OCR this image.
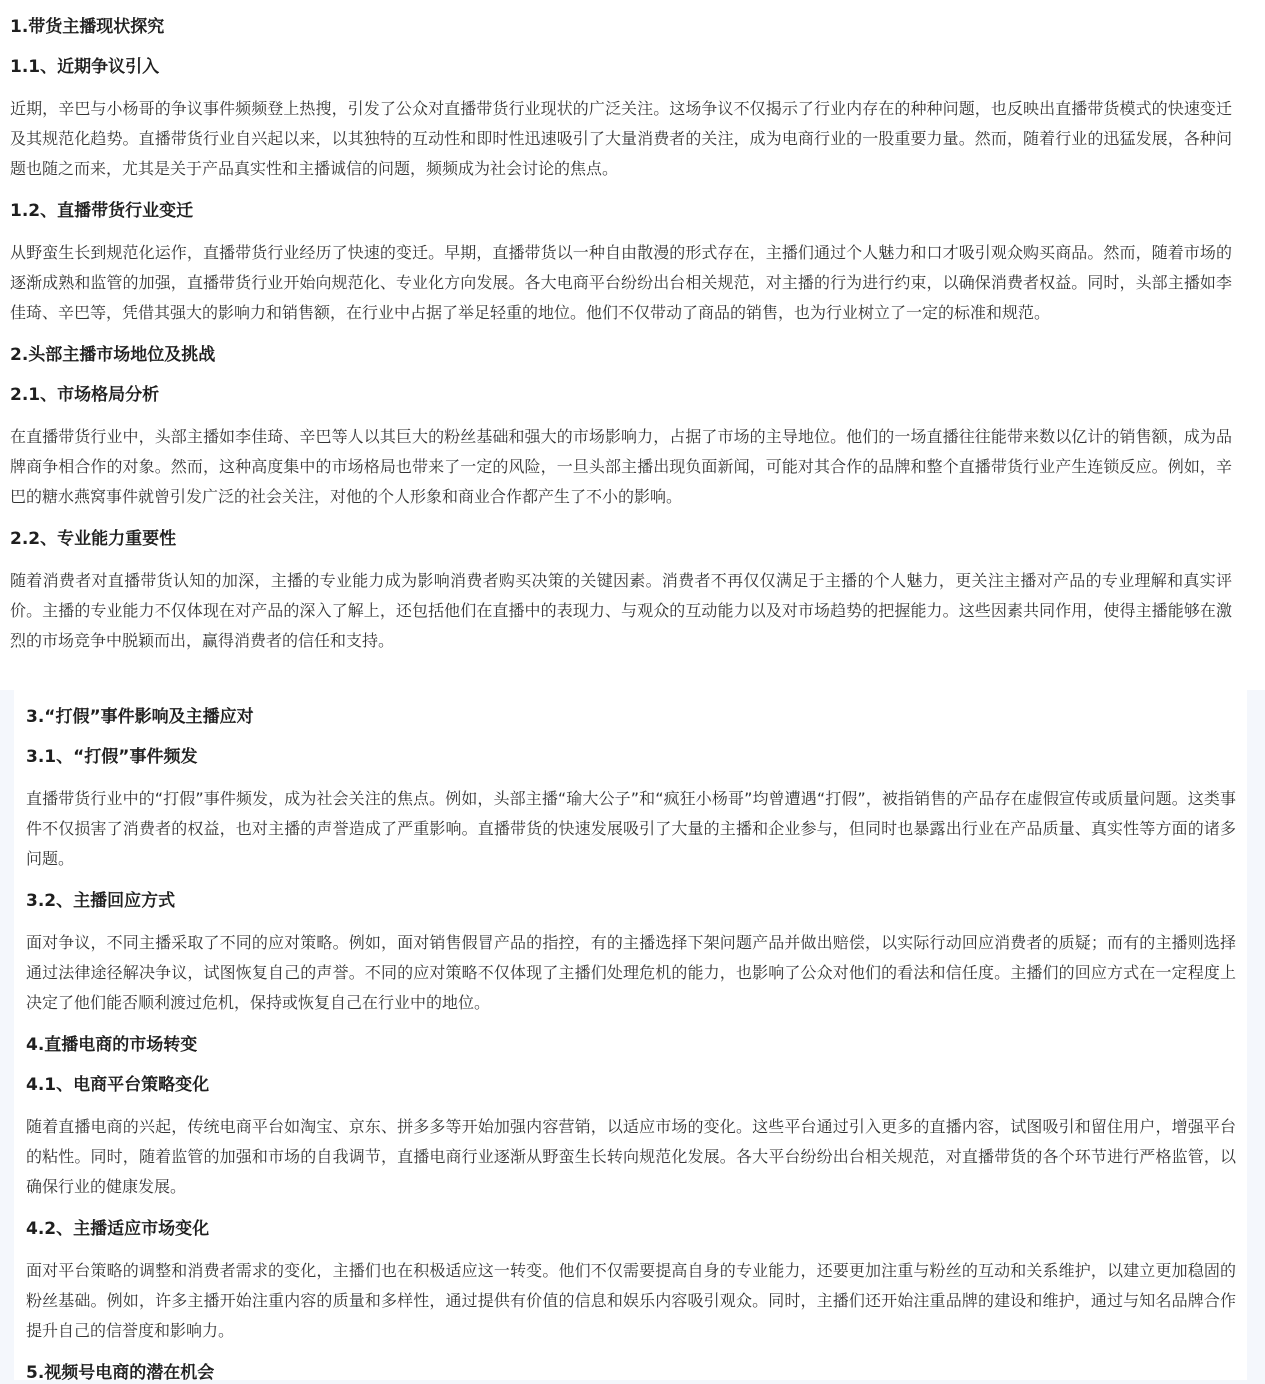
1.带货主播现状探究
1.1、近期争议引入

近期，辛巴与小杨哥的争议事件频频登上热搜，引发了公众对直播带货行业现状的广泛关注。这场争议不仅揭示了行业内存在的种种问题，也反映出直播带货模式的快速变迁及其规范化趋势。直播带货行业自兴起以来，以其独特的互动性和即时性迅速吸引了大量消费者的关注，成为电商行业的一股重要力量。然而，随着行业的迅猛发展，各种问题也随之而来，尤其是关于产品真实性和主播诚信的问题，频频成为社会讨论的焦点。

1.2、直播带货行业变迁

从野蛮生长到规范化运作，直播带货行业经历了快速的变迁。早期，直播带货以一种自由散漫的形式存在，主播们通过个人魅力和口才吸引观众购买商品。然而，随着市场的逐渐成熟和监管的加强，直播带货行业开始向规范化、专业化方向发展。各大电商平台纷纷出台相关规范，对主播的行为进行约束，以确保消费者权益。同时，头部主播如李佳琦、辛巴等，凭借其强大的影响力和销售额，在行业中占据了举足轻重的地位。他们不仅带动了商品的销售，也为行业树立了一定的标准和规范。

2.头部主播市场地位及挑战
2.1、市场格局分析

在直播带货行业中，头部主播如李佳琦、辛巴等人以其巨大的粉丝基础和强大的市场影响力，占据了市场的主导地位。他们的一场直播往往能带来数以亿计的销售额，成为品牌商争相合作的对象。然而，这种高度集中的市场格局也带来了一定的风险，一旦头部主播出现负面新闻，可能对其合作的品牌和整个直播带货行业产生连锁反应。例如，辛巴的糖水燕窝事件就曾引发广泛的社会关注，对他的个人形象和商业合作都产生了不小的影响。

2.2、专业能力重要性

随着消费者对直播带货认知的加深，主播的专业能力成为影响消费者购买决策的关键因素。消费者不再仅仅满足于主播的个人魅力，更关注主播对产品的专业理解和真实评价。主播的专业能力不仅体现在对产品的深入了解上，还包括他们在直播中的表现力、与观众的互动能力以及对市场趋势的把握能力。这些因素共同作用，使得主播能够在激烈的市场竞争中脱颖而出，赢得消费者的信任和支持。

3.“打假”事件影响及主播应对
3.1、“打假”事件频发

直播带货行业中的“打假”事件频发，成为社会关注的焦点。例如，头部主播“瑜大公子”和“疯狂小杨哥”均曾遭遇“打假”，被指销售的产品存在虚假宣传或质量问题。这类事件不仅损害了消费者的权益，也对主播的声誉造成了严重影响。直播带货的快速发展吸引了大量的主播和企业参与，但同时也暴露出行业在产品质量、真实性等方面的诸多问题。

3.2、主播回应方式

面对争议，不同主播采取了不同的应对策略。例如，面对销售假冒产品的指控，有的主播选择下架问题产品并做出赔偿，以实际行动回应消费者的质疑；而有的主播则选择通过法律途径解决争议，试图恢复自己的声誉。不同的应对策略不仅体现了主播们处理危机的能力，也影响了公众对他们的看法和信任度。主播们的回应方式在一定程度上决定了他们能否顺利渡过危机，保持或恢复自己在行业中的地位。

4.直播电商的市场转变
4.1、电商平台策略变化

随着直播电商的兴起，传统电商平台如淘宝、京东、拼多多等开始加强内容营销，以适应市场的变化。这些平台通过引入更多的直播内容，试图吸引和留住用户，增强平台的粘性。同时，随着监管的加强和市场的自我调节，直播电商行业逐渐从野蛮生长转向规范化发展。各大平台纷纷出台相关规范，对直播带货的各个环节进行严格监管，以确保行业的健康发展。

4.2、主播适应市场变化

面对平台策略的调整和消费者需求的变化，主播们也在积极适应这一转变。他们不仅需要提高自身的专业能力，还要更加注重与粉丝的互动和关系维护，以建立更加稳固的粉丝基础。例如，许多主播开始注重内容的质量和多样性，通过提供有价值的信息和娱乐内容吸引观众。同时，主播们还开始注重品牌的建设和维护，通过与知名品牌合作提升自己的信誉度和影响力。

5.视频号电商的潜在机会
